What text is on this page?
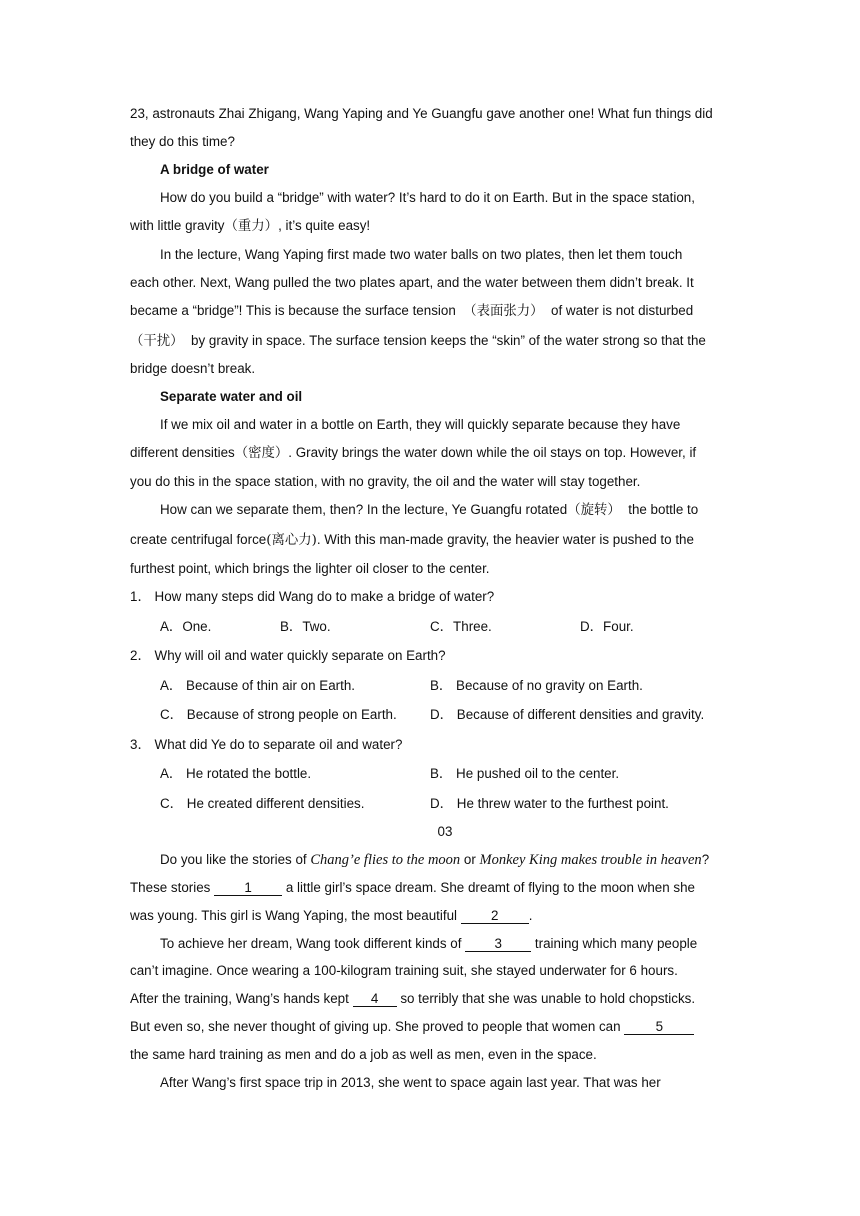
23, astronauts Zhai Zhigang, Wang Yaping and Ye Guangfu gave another one! What fun things did
they do this time?
A bridge of water
How do you build a “bridge” with water? It’s hard to do it on Earth. But in the space station,
with little gravity（重力）, it’s quite easy!
In the lecture, Wang Yaping first made two water balls on two plates, then let them touch
each other. Next, Wang pulled the two plates apart, and the water between them didn’t break. It
became a “bridge”! This is because the surface tension （表面张力） of water is not disturbed
（干扰） by gravity in space. The surface tension keeps the “skin” of the water strong so that the
bridge doesn’t break.
Separate water and oil
If we mix oil and water in a bottle on Earth, they will quickly separate because they have
different densities（密度）. Gravity brings the water down while the oil stays on top. However, if
you do this in the space station, with no gravity, the oil and the water will stay together.
How can we separate them, then? In the lecture, Ye Guangfu rotated（旋转） the bottle to
create centrifugal force(离心力). With this man-made gravity, the heavier water is pushed to the
furthest point, which brings the lighter oil closer to the center.
1． How many steps did Wang do to make a bridge of water?
A．One.	B．Two.	C．Three.	D．Four.
2． Why will oil and water quickly separate on Earth?
A． Because of thin air on Earth.	B． Because of no gravity on Earth.
C． Because of strong people on Earth. D． Because of different densities and gravity.
3． What did Ye do to separate oil and water?
A． He rotated the bottle.	B． He pushed oil to the center.
C． He created different densities.	D． He threw water to the furthest point.
03
Do you like the stories of Chang’e flies to the moon or Monkey King makes trouble in heaven?
These stories	1	a little girl’s space dream. She dreamt of flying to the moon when she
was young. This girl is Wang Yaping, the most beautiful	2 .
To achieve her dream, Wang took different kinds of 3 training which many people
can’t imagine. Once wearing a 100-kilogram training suit, she stayed underwater for 6 hours.
After the training, Wang’s hands kept 4 so terribly that she was unable to hold chopsticks.
But even so, she never thought of giving up. She proved to people that women can	5
the same hard training as men and do a job as well as men, even in the space.
After Wang’s first space trip in 2013, she went to space again last year. That was her
